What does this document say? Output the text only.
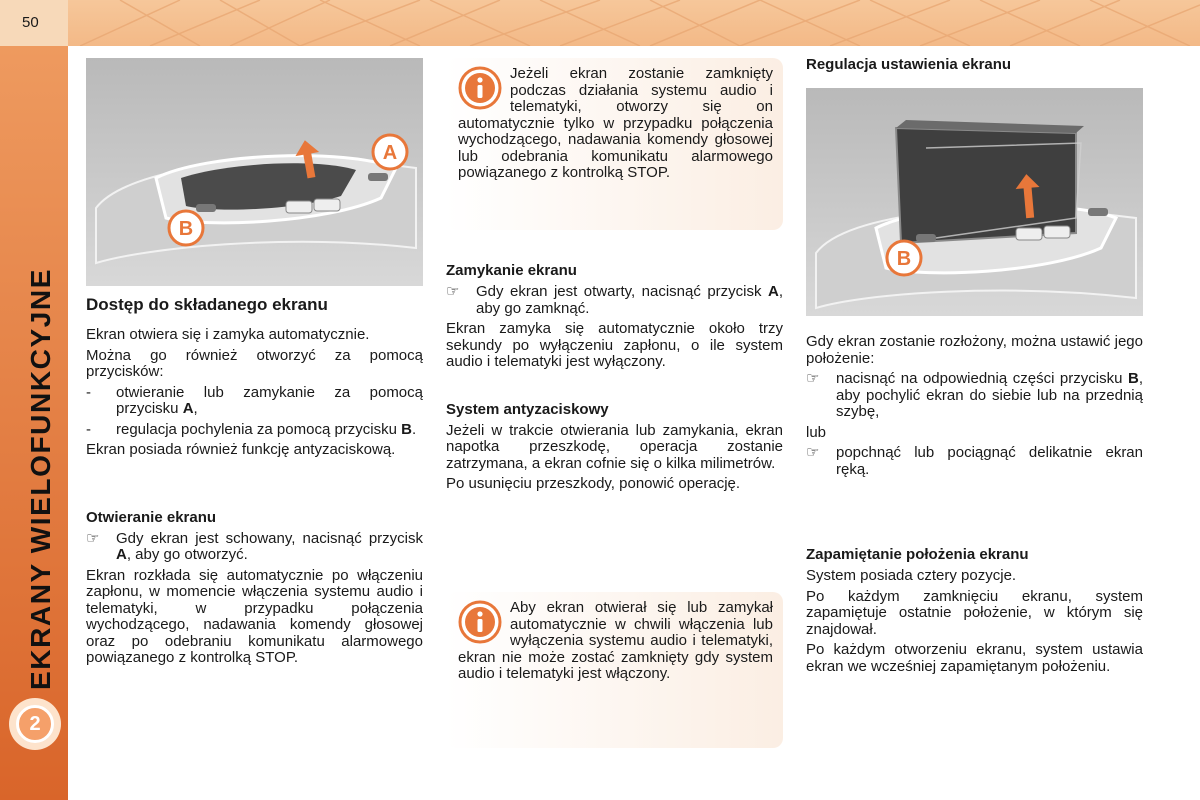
50
EKRANY WIELOFUNKCYJNE
2
A
B

Dostęp do składanego ekranu

Ekran otwiera się i zamyka automatycznie.

Można go również otworzyć za pomocą przycisków:

- otwieranie lub zamykanie za pomocą przycisku A,
- regulacja pochylenia za pomocą przycisku B.

Ekran posiada również funkcję antyzaciskową.

Otwieranie ekranu

☞ Gdy ekran jest schowany, nacisnąć przycisk A, aby go otworzyć.

Ekran rozkłada się automatycznie po włączeniu zapłonu, w momencie włączenia systemu audio i telematyki, w przypadku połączenia wychodzącego, nadawania komendy głosowej oraz po odebraniu komunikatu alarmowego powiązanego z kontrolką STOP.

Jeżeli ekran zostanie zamknięty podczas działania systemu audio i telematyki, otworzy się on automatycznie tylko w przypadku połączenia wychodzącego, nadawania komendy głosowej lub odebrania komunikatu alarmowego powiązanego z kontrolką STOP.

Zamykanie ekranu

☞ Gdy ekran jest otwarty, nacisnąć przycisk A, aby go zamknąć.

Ekran zamyka się automatycznie około trzy sekundy po wyłączeniu zapłonu, o ile system audio i telematyki jest wyłączony.

System antyzaciskowy

Jeżeli w trakcie otwierania lub zamykania, ekran napotka przeszkodę, operacja zostanie zatrzymana, a ekran cofnie się o kilka milimetrów.

Po usunięciu przeszkody, ponowić operację.

Aby ekran otwierał się lub zamykał automatycznie w chwili włączenia lub wyłączenia systemu audio i telematyki, ekran nie może zostać zamknięty gdy system audio i telematyki jest włączony.

Regulacja ustawienia ekranu

B

Gdy ekran zostanie rozłożony, można ustawić jego położenie:

☞ nacisnąć na odpowiednią części przycisku B, aby pochylić ekran do siebie lub na przednią szybę,

lub

☞ popchnąć lub pociągnąć delikatnie ekran ręką.

Zapamiętanie położenia ekranu

System posiada cztery pozycje.

Po każdym zamknięciu ekranu, system zapamiętuje ostatnie położenie, w którym się znajdował.

Po każdym otworzeniu ekranu, system ustawia ekran we wcześniej zapamiętanym położeniu.
